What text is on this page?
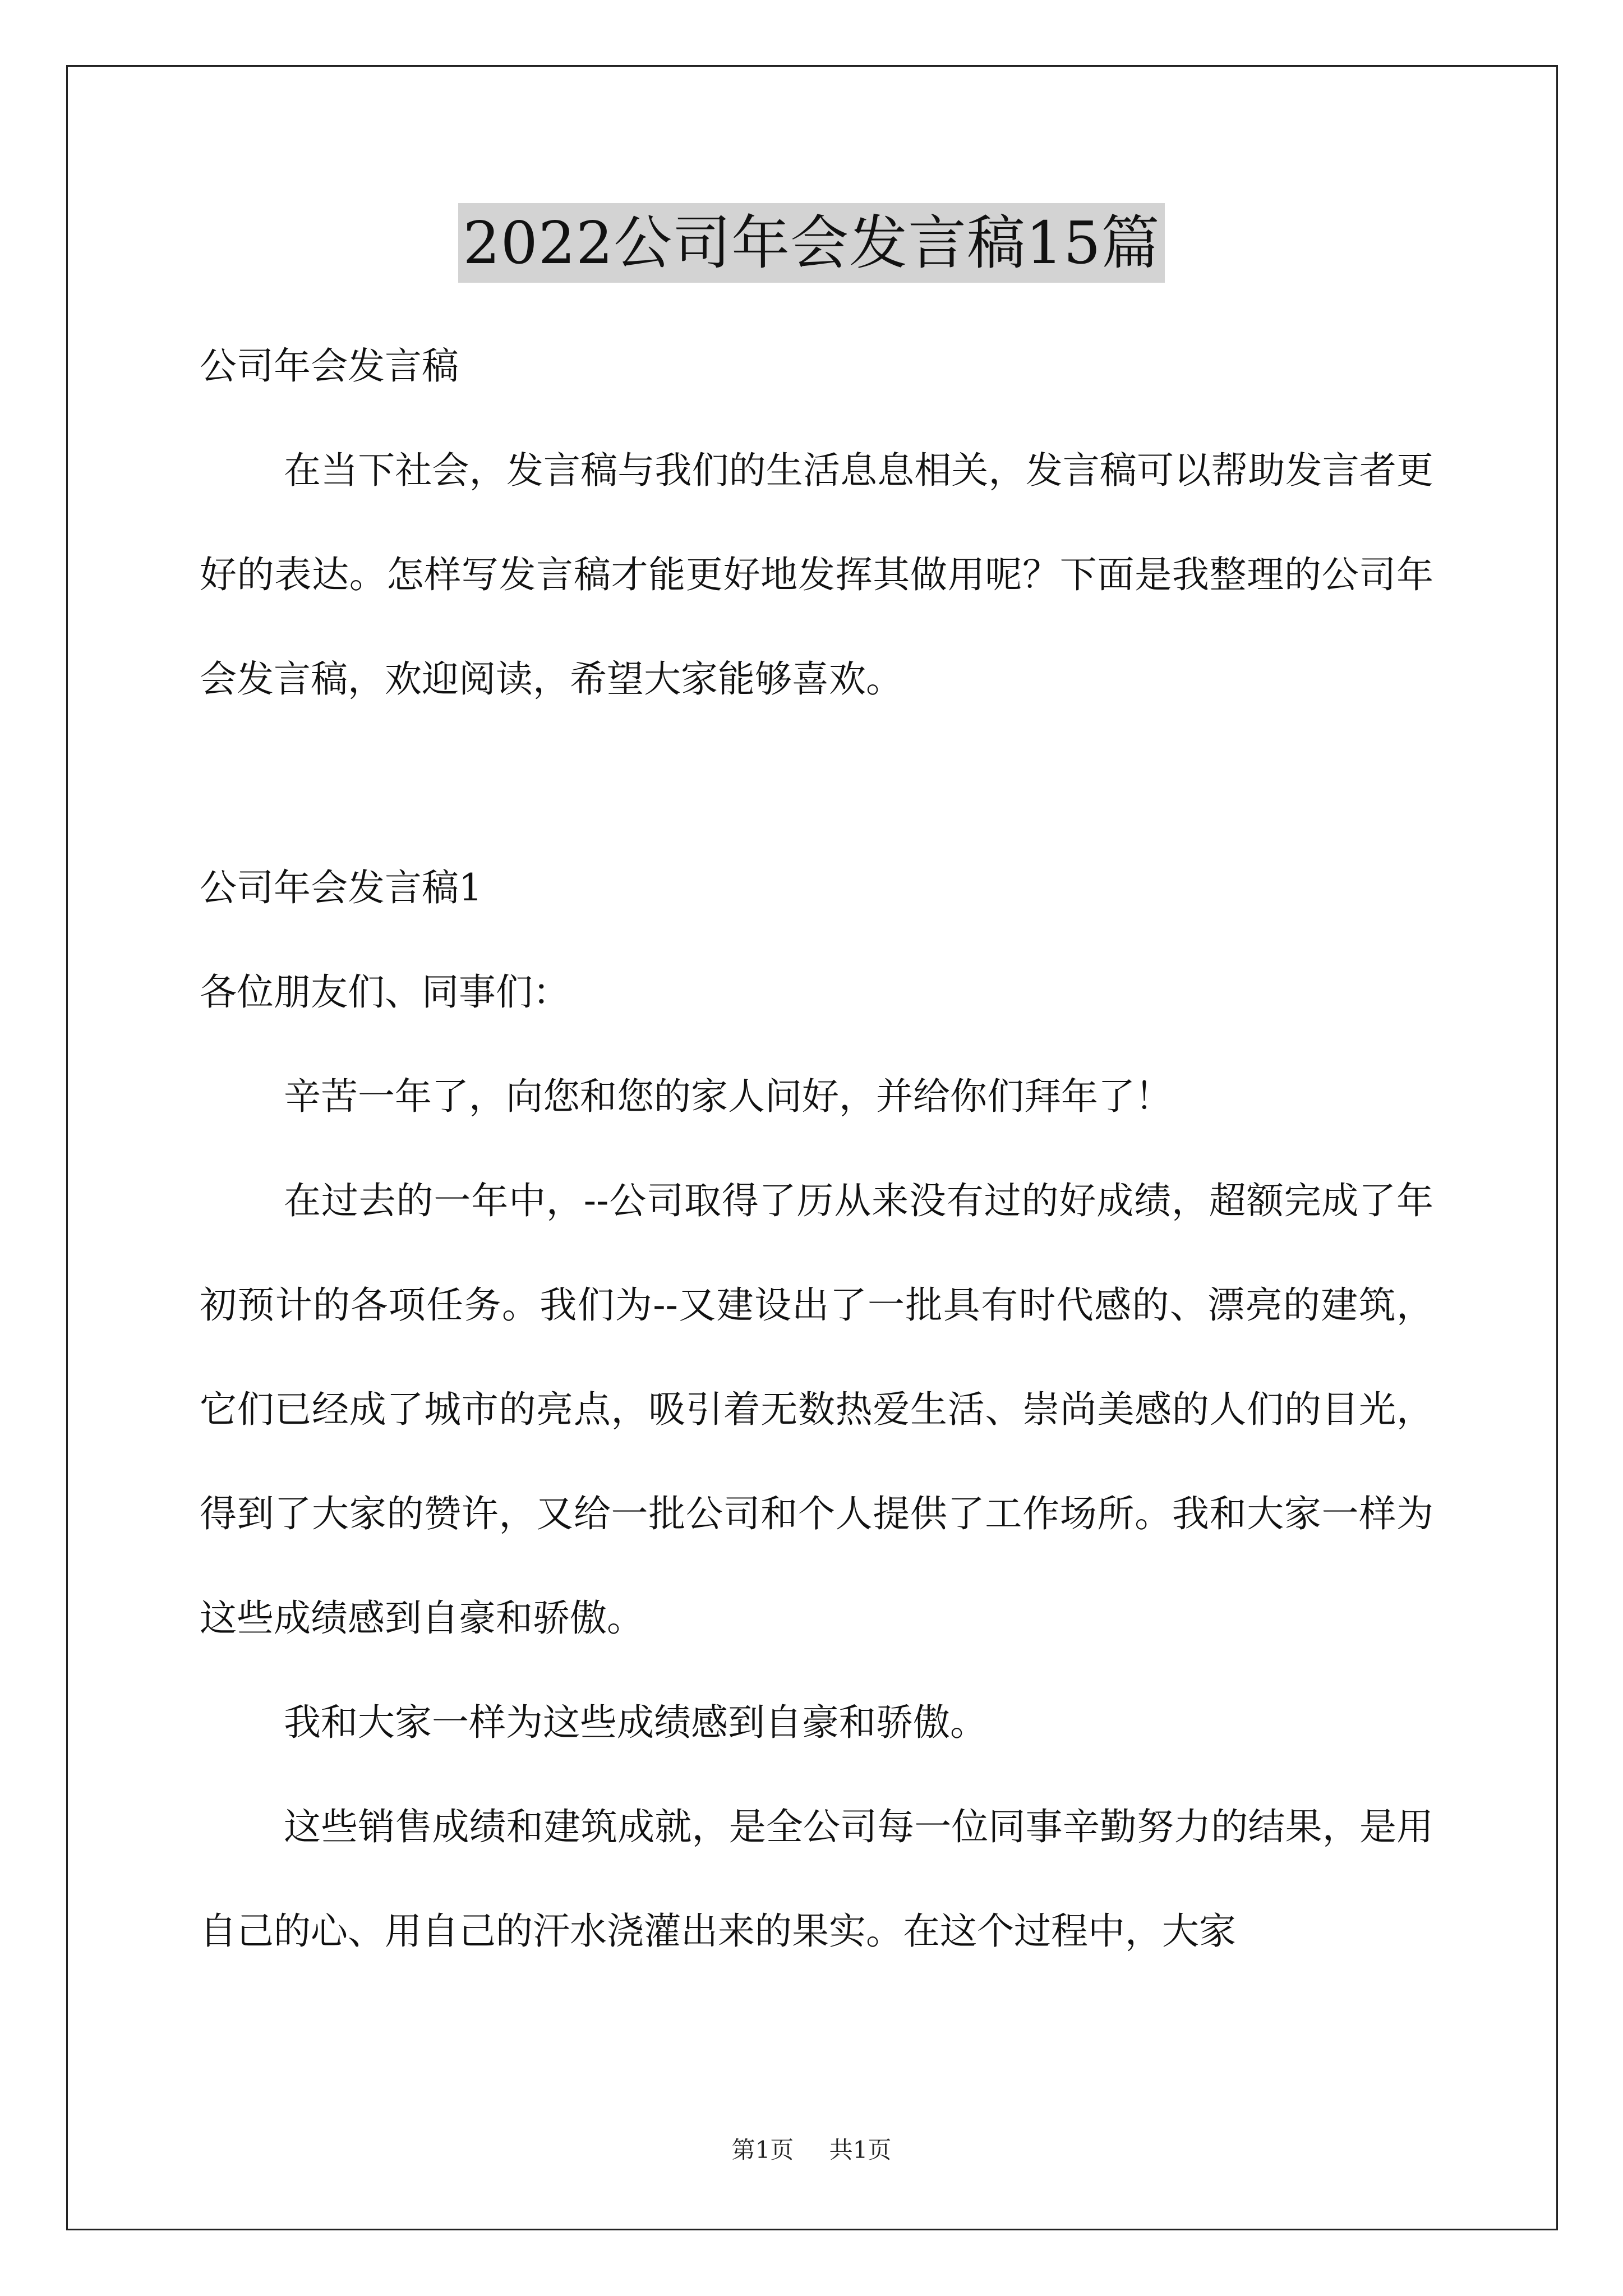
2022公司年会发言稿15篇

公司年会发言稿

在当下社会，发言稿与我们的生活息息相关，发言稿可以帮助发言者更好的表达。怎样写发言稿才能更好地发挥其做用呢？下面是我整理的公司年会发言稿，欢迎阅读，希望大家能够喜欢。

公司年会发言稿1

各位朋友们、同事们：

辛苦一年了，向您和您的家人问好，并给你们拜年了！

在过去的一年中，--公司取得了历从来没有过的好成绩，超额完成了年初预计的各项任务。我们为--又建设出了一批具有时代感的、漂亮的建筑，它们已经成了城市的亮点，吸引着无数热爱生活、崇尚美感的人们的目光，得到了大家的赞许，又给一批公司和个人提供了工作场所。我和大家一样为这些成绩感到自豪和骄傲。

我和大家一样为这些成绩感到自豪和骄傲。

这些销售成绩和建筑成就，是全公司每一位同事辛勤努力的结果，是用自己的心、用自己的汗水浇灌出来的果实。在这个过程中，大家

第1页 共1页
